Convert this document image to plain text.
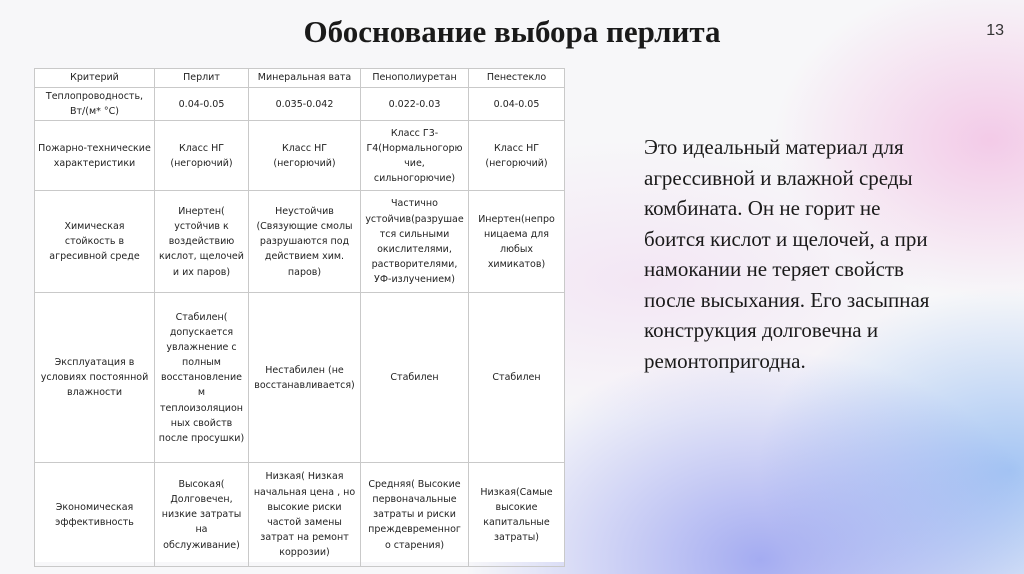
Обоснование выбора перлита	13
Критерий	Перлит	Минеральная вата	Пенополиуретан	Пенестекло
Теплопроводность, Вт/(м* °С)	0.04-0.05	0.035-0.042	0.022-0.03	0.04-0.05
Пожарно-технические характеристики	Класс НГ (негорючий)	Класс НГ (негорючий)	Класс Г3-Г4(Нормальногорю чие, сильногорючие)	Класс НГ (негорючий)
Химическая стойкость в агресивной среде	Инертен( устойчив к воздействию кислот, щелочей и их паров)	Неустойчив (Связующие смолы разрушаются под действием хим. паров)	Частично устойчив(разрушае тся сильными окислителями, растворителями, УФ-излучением)	Инертен(непро ницаема для любых химикатов)
Эксплуатация в условиях постоянной влажности	Стабилен( допускается увлажнение с полным восстановление м теплоизоляцион ных свойств после просушки)	Нестабилен (не восстанавливается)	Стабилен	Стабилен
Экономическая эффективность	Высокая( Долговечен, низкие затраты на обслуживание)	Низкая( Низкая начальная цена , но высокие риски частой замены затрат на ремонт коррозии)	Средняя( Высокие первоначальные затраты и риски преждевременног о старения)	Низкая(Самые высокие капитальные затраты)
Это идеальный материал для агрессивной и влажной среды комбината. Он не горит не боится кислот и щелочей, а при намокании не теряет свойств после высыхания. Его засыпная конструкция долговечна и ремонтопригодна.
